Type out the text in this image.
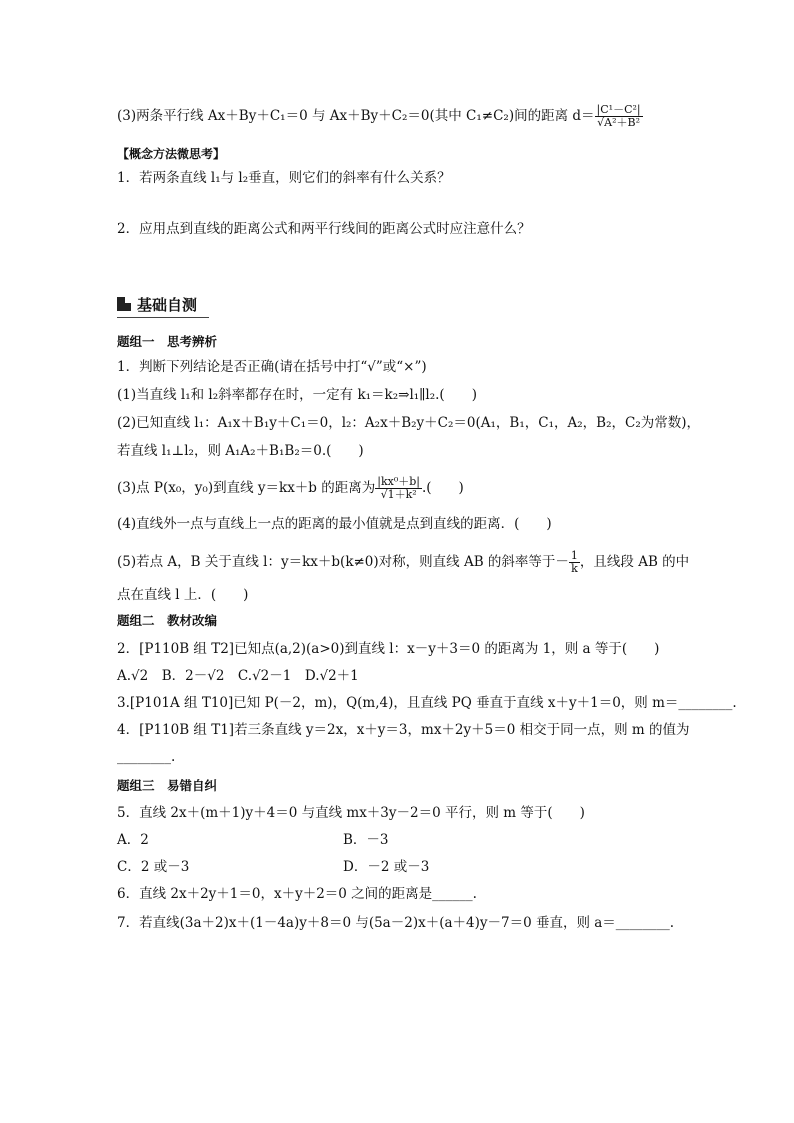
(3)两条平行线 Ax＋By＋C₁＝0 与 Ax＋By＋C₂＝0(其中 C₁≠C₂)间的距离 $d= \frac{\text{|C¹－C²|}}{\text{√A²＋B²}}$
【概念方法微思考】
1．若两条直线 l₁与 l₂垂直，则它们的斜率有什么关系？
2．应用点到直线的距离公式和两平行线间的距离公式时应注意什么？
基础自测
题组一　思考辨析
1．判断下列结论是否正确(请在括号中打“√”或“×”)
(1)当直线 l₁和 l₂斜率都存在时，一定有 k₁＝k₂⇒l₁∥l₂.(　　)
(2)已知直线 l₁：A₁x＋B₁y＋C₁＝0，l₂：A₂x＋B₂y＋C₂＝0(A₁，B₁，C₁，A₂，B₂，C₂为常数)，
若直线 l₁⊥l₂，则 A₁A₂＋B₁B₂＝0.(　　)
(3)点 P(x₀，y₀)到直线 y＝kx＋b 的距离为 $\frac{\text{|kx⁰＋b|}}{\text{√1＋k²}}$ .(　　)
(4)直线外一点与直线上一点的距离的最小值就是点到直线的距离．(　　)
(5)若点 A，B 关于直线 l：y＝kx＋b(k≠0)对称，则直线 AB 的斜率等于－ $\frac{1}{k}$ ，且线段 AB 的中
点在直线 l 上．(　　)
题组二　教材改编
2．[P110B 组 T2]已知点(a,2)(a>0)到直线 l：x－y＋3＝0 的距离为 1，则 a 等于(　　)
A.√2　B．2－√2　C.√2－1　D.√2＋1
3.[P101A 组 T10]已知 P(－2，m)，Q(m,4)，且直线 PQ 垂直于直线 x＋y＋1＝0，则 m＝________.
4．[P110B 组 T1]若三条直线 y＝2x，x＋y＝3，mx＋2y＋5＝0 相交于同一点，则 m 的值为
________.
题组三　易错自纠
5．直线 2x＋(m＋1)y＋4＝0 与直线 mx＋3y－2＝0 平行，则 m 等于(　　)
A．2	B．－3
C．2 或－3	D．－2 或－3
6．直线 2x＋2y＋1＝0，x＋y＋2＝0 之间的距离是______.
7．若直线(3a＋2)x＋(1－4a)y＋8＝0 与(5a－2)x＋(a＋4)y－7＝0 垂直，则 a＝________.
